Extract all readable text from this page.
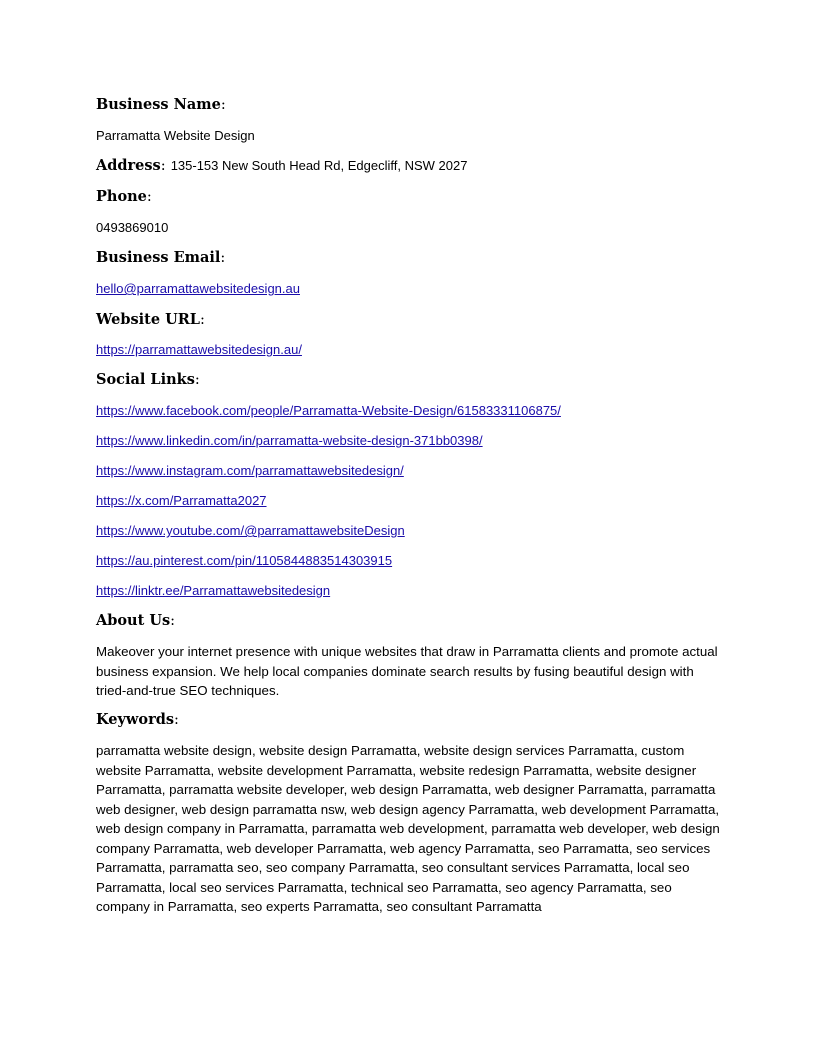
Business Name:

Parramatta Website Design

Address: 135-153 New South Head Rd, Edgecliff, NSW 2027

Phone:

0493869010

Business Email:

hello@parramattawebsitedesign.au

Website URL:

https://parramattawebsitedesign.au/

Social Links:

https://www.facebook.com/people/Parramatta-Website-Design/61583331106875/

https://www.linkedin.com/in/parramatta-website-design-371bb0398/

https://www.instagram.com/parramattawebsitedesign/

https://x.com/Parramatta2027

https://www.youtube.com/@parramattawebsiteDesign

https://au.pinterest.com/pin/1105844883514303915

https://linktr.ee/Parramattawebsitedesign

About Us:

Makeover your internet presence with unique websites that draw in Parramatta clients and promote actual business expansion. We help local companies dominate search results by fusing beautiful design with tried-and-true SEO techniques.

Keywords:

parramatta website design, website design Parramatta, website design services Parramatta, custom website Parramatta, website development Parramatta, website redesign Parramatta, website designer Parramatta, parramatta website developer, web design Parramatta, web designer Parramatta, parramatta web designer, web design parramatta nsw, web design agency Parramatta, web development Parramatta, web design company in Parramatta, parramatta web development, parramatta web developer, web design company Parramatta, web developer Parramatta, web agency Parramatta, seo Parramatta, seo services Parramatta, parramatta seo, seo company Parramatta, seo consultant services Parramatta, local seo Parramatta, local seo services Parramatta, technical seo Parramatta, seo agency Parramatta, seo company in Parramatta, seo experts Parramatta, seo consultant Parramatta
